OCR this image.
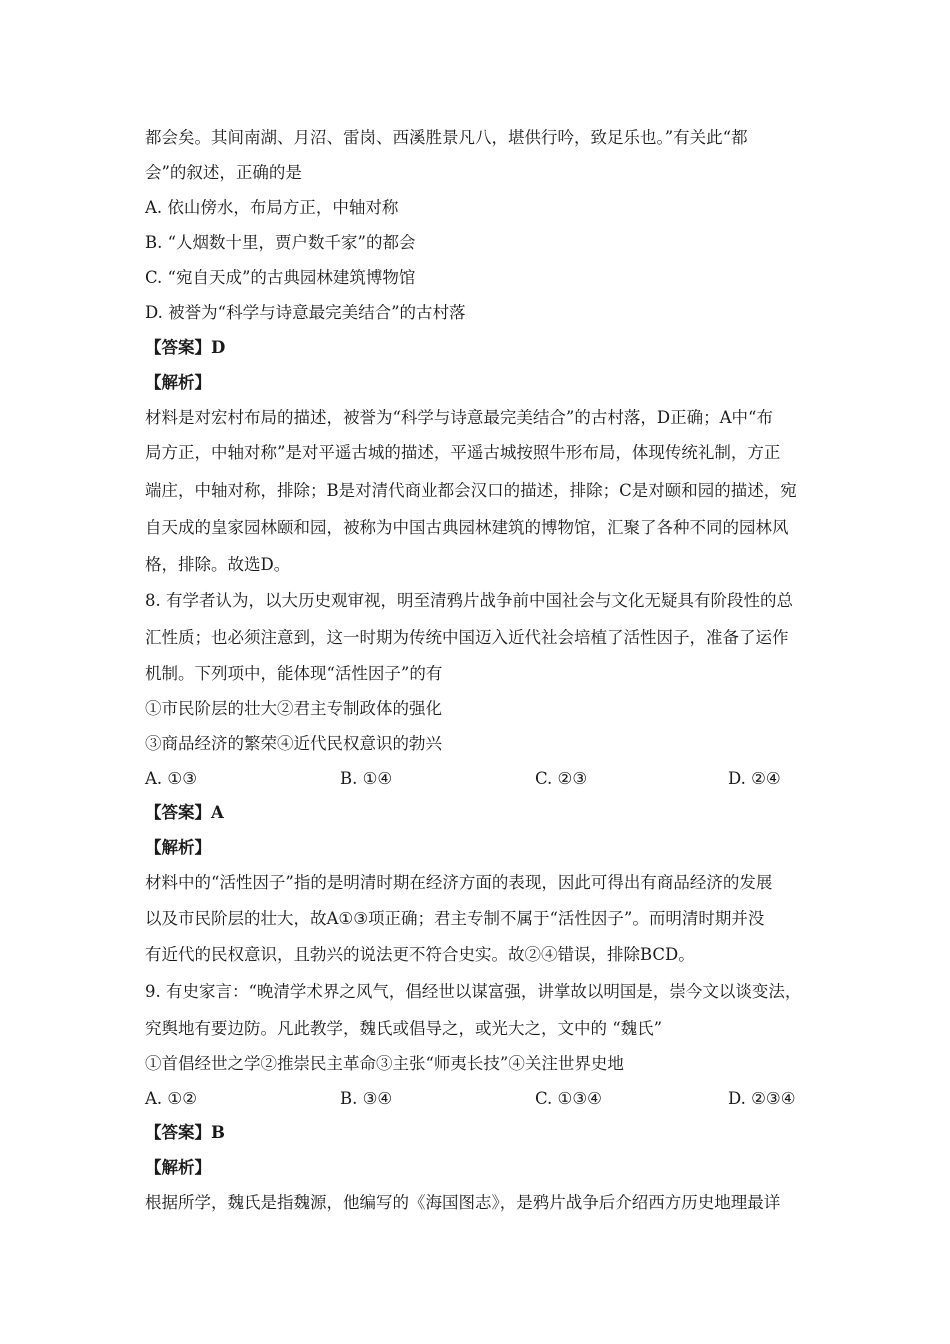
都会矣。其间南湖、月沼、雷岗、西溪胜景凡八，堪供行吟，致足乐也。”有关此“都
会”的叙述，正确的是
A. 依山傍水，布局方正，中轴对称
B. “人烟数十里，贾户数千家”的都会
C. “宛自天成”的古典园林建筑博物馆
D. 被誉为“科学与诗意最完美结合”的古村落
【答案】D
【解析】
材料是对宏村布局的描述，被誉为“科学与诗意最完美结合”的古村落，D正确；A中“布
局方正，中轴对称”是对平遥古城的描述，平遥古城按照牛形布局，体现传统礼制，方正
端庄，中轴对称，排除；B是对清代商业都会汉口的描述，排除；C是对颐和园的描述，宛
自天成的皇家园林颐和园，被称为中国古典园林建筑的博物馆，汇聚了各种不同的园林风
格，排除。故选D。
8. 有学者认为，以大历史观审视，明至清鸦片战争前中国社会与文化无疑具有阶段性的总
汇性质；也必须注意到，这一时期为传统中国迈入近代社会培植了活性因子，准备了运作
机制。下列项中，能体现“活性因子”的有
①市民阶层的壮大②君主专制政体的强化
③商品经济的繁荣④近代民权意识的勃兴
A. ①③	B. ①④	C. ②③	D. ②④
【答案】A
【解析】
材料中的“活性因子”指的是明清时期在经济方面的表现，因此可得出有商品经济的发展
以及市民阶层的壮大，故A①③项正确；君主专制不属于“活性因子”。而明清时期并没
有近代的民权意识，且勃兴的说法更不符合史实。故②④错误，排除BCD。
9. 有史家言：“晚清学术界之风气，倡经世以谋富强，讲掌故以明国是，崇今文以谈变法，
究舆地有要边防。凡此教学，魏氏或倡导之，或光大之，文中的 “魏氏”
①首倡经世之学②推崇民主革命③主张“师夷长技”④关注世界史地
A. ①②	B. ③④	C. ①③④	D. ②③④
【答案】B
【解析】
根据所学，魏氏是指魏源，他编写的《海国图志》，是鸦片战争后介绍西方历史地理最详
